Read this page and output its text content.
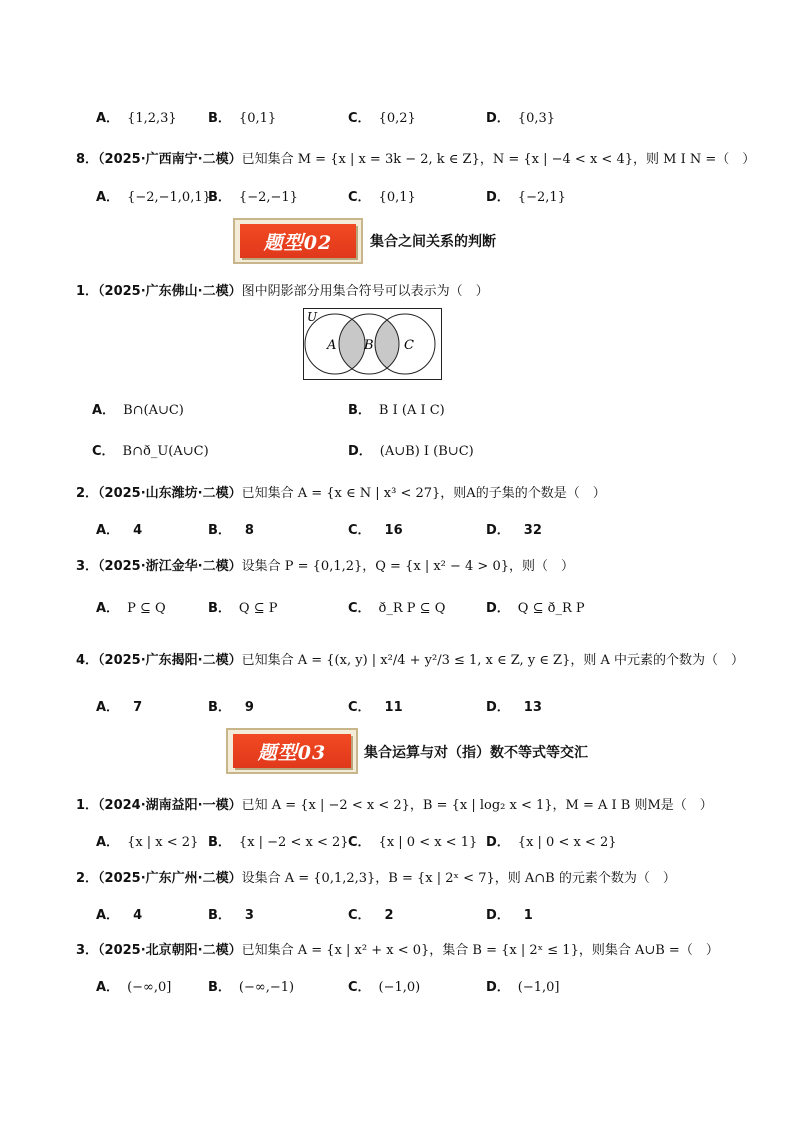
A． {1,2,3} B． {0,1}	C． {0,2}	D． {0,3}
8．（2025·广西南宁·二模）已知集合 M = {x | x = 3k − 2, k ∈ Z}，N = {x | −4 < x < 4}，则 M I N =（　）
A． {−2,−1,0,1}
B． {−2,−1}	C． {0,1}	D． {−2,1}
题型02	集合之间关系的判断
1．（2025·广东佛山·二模）图中阴影部分用集合符号可以表示为（　）
U
A B C
A． B∩(A∪C)	B． B I (A I C)
C． B∩ð_U(A∪C)	D． (A∪B) I (B∪C)
2．（2025·山东潍坊·二模）已知集合 A = {x ∈ N | x³ < 27}，则A的子集的个数是（　）
A． 4	B． 8	C． 16	D． 32
3．（2025·浙江金华·二模）设集合 P = {0,1,2}，Q = {x | x² − 4 > 0}，则（　）
A． P ⊆ Q	B． Q ⊆ P	C． ð_R P ⊆ Q	D． Q ⊆ ð_R P
4．（2025·广东揭阳·二模）已知集合 A = {(x, y) | x²/4 + y²/3 ≤ 1, x ∈ Z, y ∈ Z}，则 A 中元素的个数为（　）
A． 7	B． 9	C． 11	D． 13
题型03	集合运算与对（指）数不等式等交汇
1．（2024·湖南益阳·一模）已知 A = {x | −2 < x < 2}，B = {x | log₂ x < 1}，M = A I B 则M是（　）
A． {x | x < 2} B． {x | −2 < x < 2} C． {x | 0 < x < 1} D． {x | 0 < x < 2}
2．（2025·广东广州·二模）设集合 A = {0,1,2,3}，B = {x | 2ˣ < 7}，则 A∩B 的元素个数为（　）
A． 4	B． 3	C． 2	D． 1
3．（2025·北京朝阳·二模）已知集合 A = {x | x² + x < 0}，集合 B = {x | 2ˣ ≤ 1}，则集合 A∪B =（　）
A． (−∞,0]	B． (−∞,−1)	C． (−1,0)	D． (−1,0]
